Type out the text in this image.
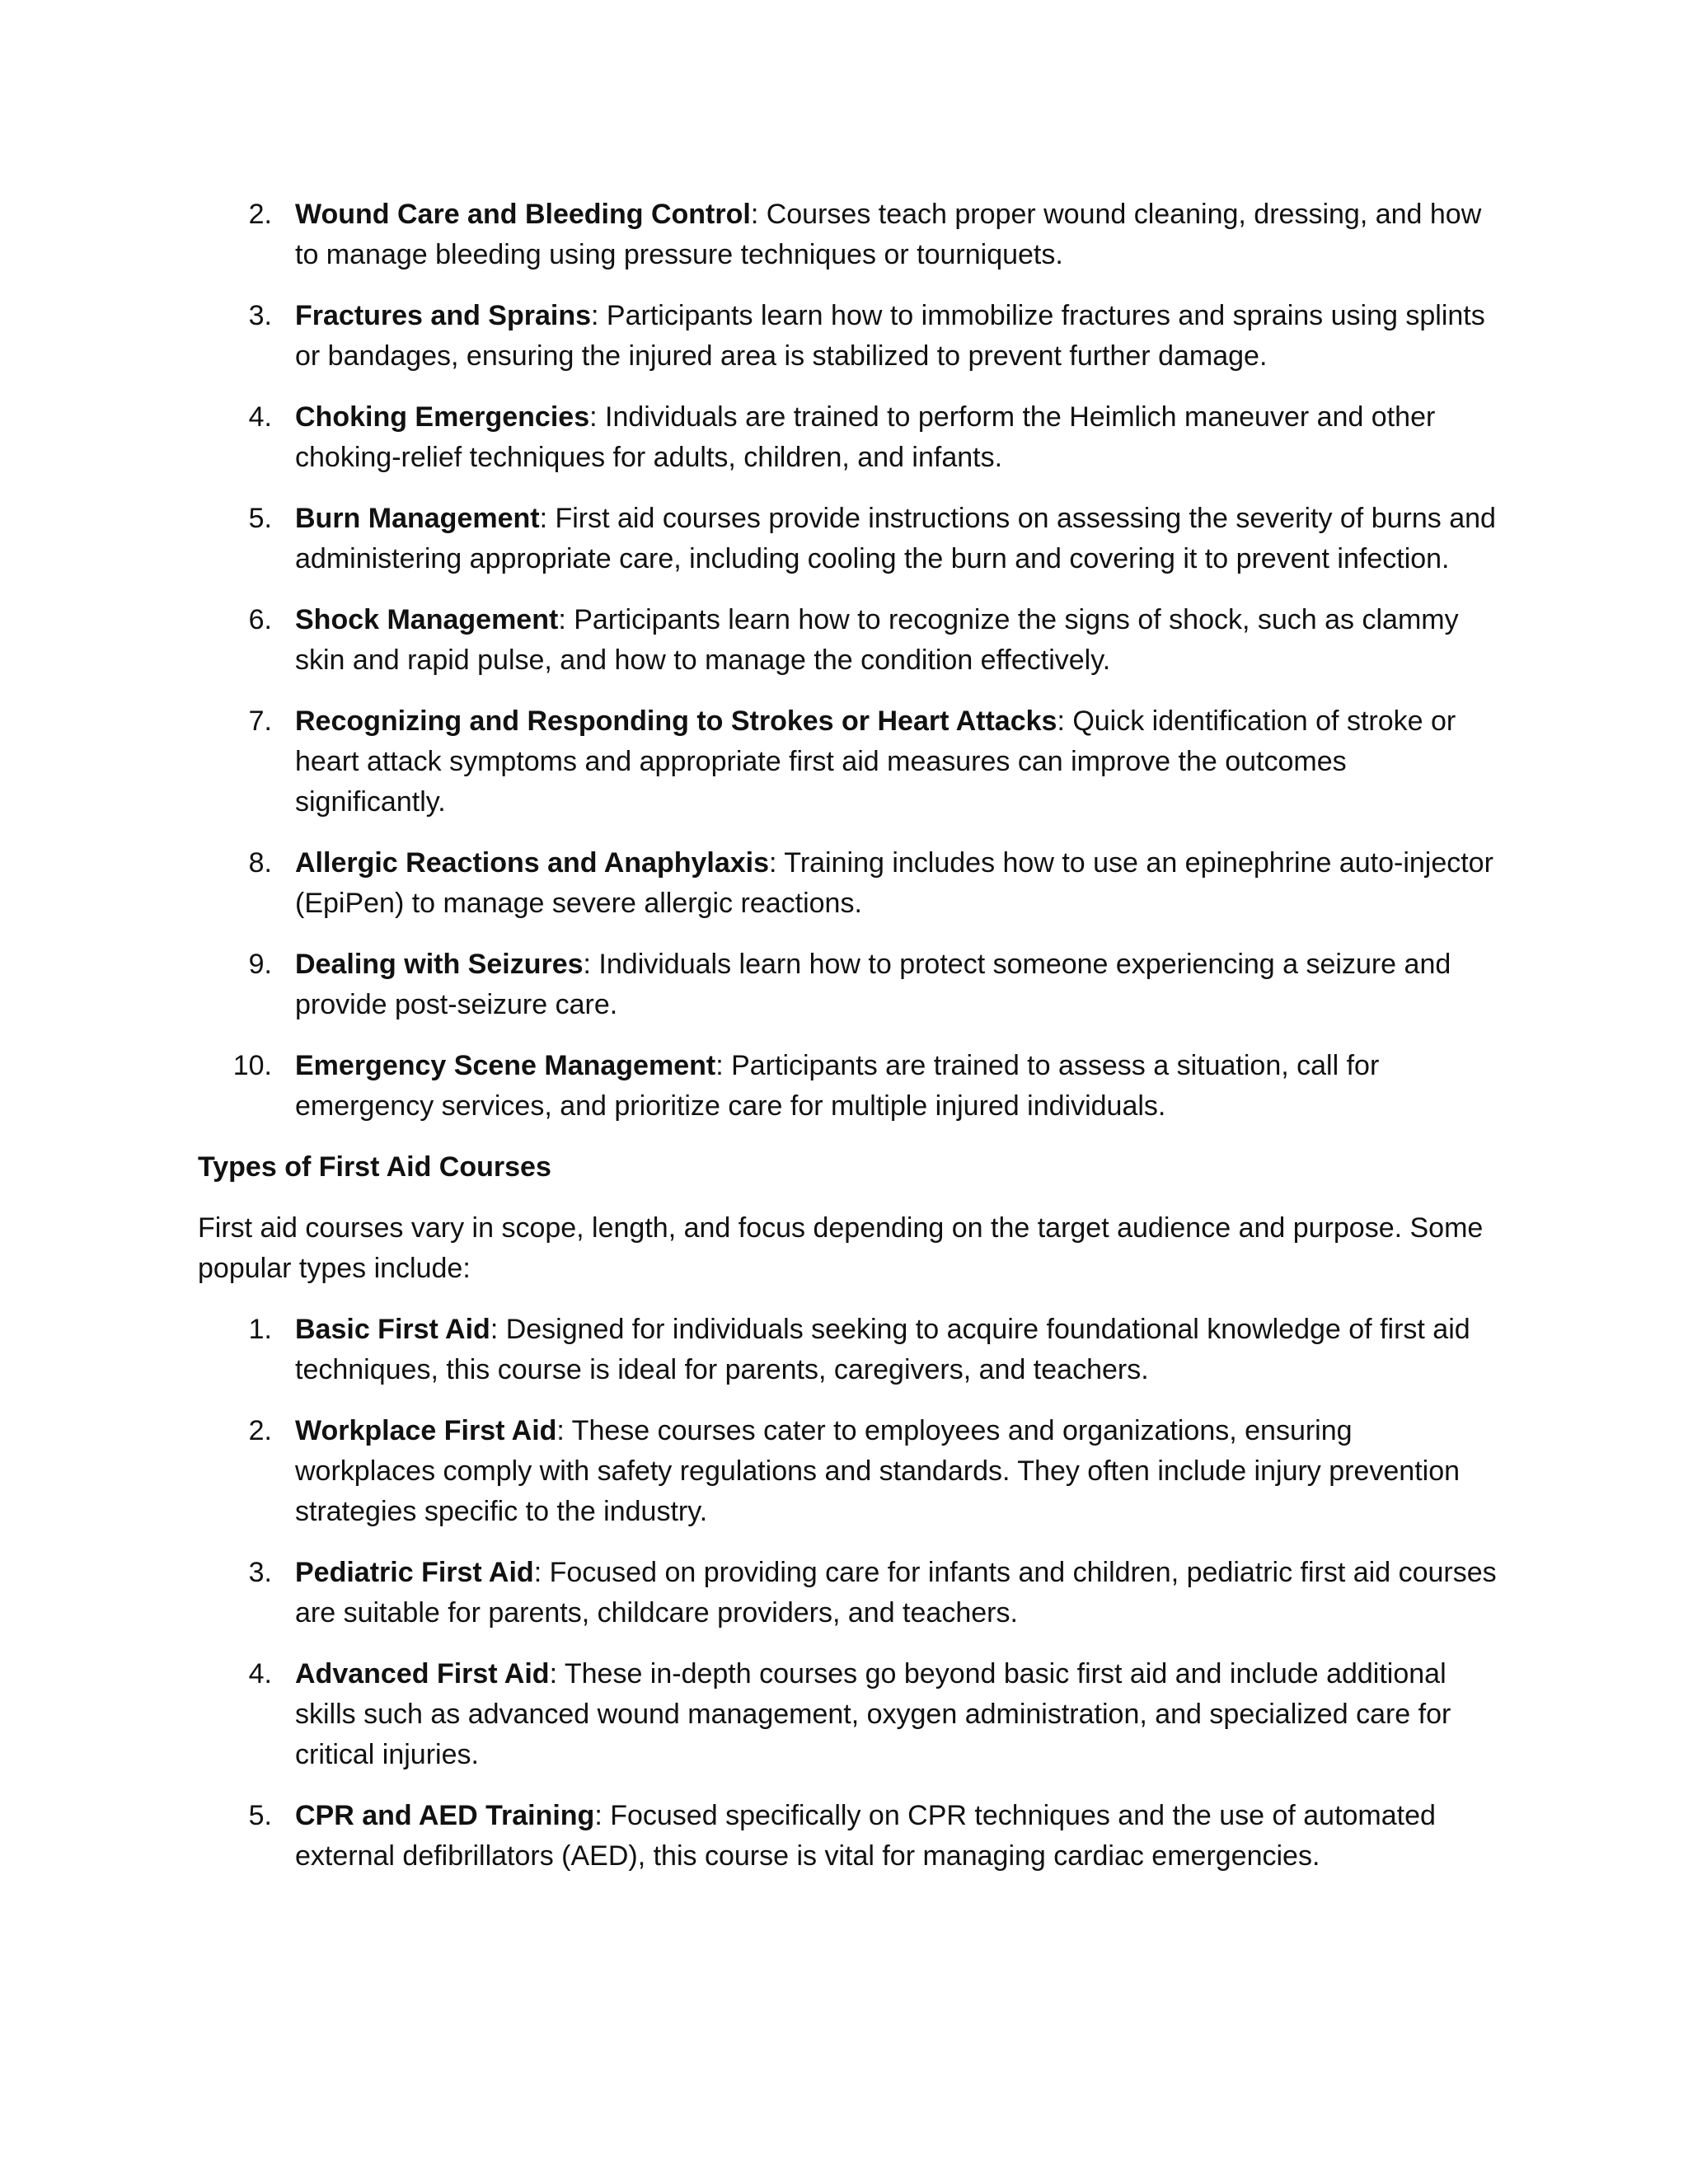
2. Wound Care and Bleeding Control: Courses teach proper wound cleaning, dressing, and how to manage bleeding using pressure techniques or tourniquets.
3. Fractures and Sprains: Participants learn how to immobilize fractures and sprains using splints or bandages, ensuring the injured area is stabilized to prevent further damage.
4. Choking Emergencies: Individuals are trained to perform the Heimlich maneuver and other choking-relief techniques for adults, children, and infants.
5. Burn Management: First aid courses provide instructions on assessing the severity of burns and administering appropriate care, including cooling the burn and covering it to prevent infection.
6. Shock Management: Participants learn how to recognize the signs of shock, such as clammy skin and rapid pulse, and how to manage the condition effectively.
7. Recognizing and Responding to Strokes or Heart Attacks: Quick identification of stroke or heart attack symptoms and appropriate first aid measures can improve the outcomes significantly.
8. Allergic Reactions and Anaphylaxis: Training includes how to use an epinephrine auto-injector (EpiPen) to manage severe allergic reactions.
9. Dealing with Seizures: Individuals learn how to protect someone experiencing a seizure and provide post-seizure care.
10. Emergency Scene Management: Participants are trained to assess a situation, call for emergency services, and prioritize care for multiple injured individuals.
Types of First Aid Courses
First aid courses vary in scope, length, and focus depending on the target audience and purpose. Some popular types include:
1. Basic First Aid: Designed for individuals seeking to acquire foundational knowledge of first aid techniques, this course is ideal for parents, caregivers, and teachers.
2. Workplace First Aid: These courses cater to employees and organizations, ensuring workplaces comply with safety regulations and standards. They often include injury prevention strategies specific to the industry.
3. Pediatric First Aid: Focused on providing care for infants and children, pediatric first aid courses are suitable for parents, childcare providers, and teachers.
4. Advanced First Aid: These in-depth courses go beyond basic first aid and include additional skills such as advanced wound management, oxygen administration, and specialized care for critical injuries.
5. CPR and AED Training: Focused specifically on CPR techniques and the use of automated external defibrillators (AED), this course is vital for managing cardiac emergencies.
